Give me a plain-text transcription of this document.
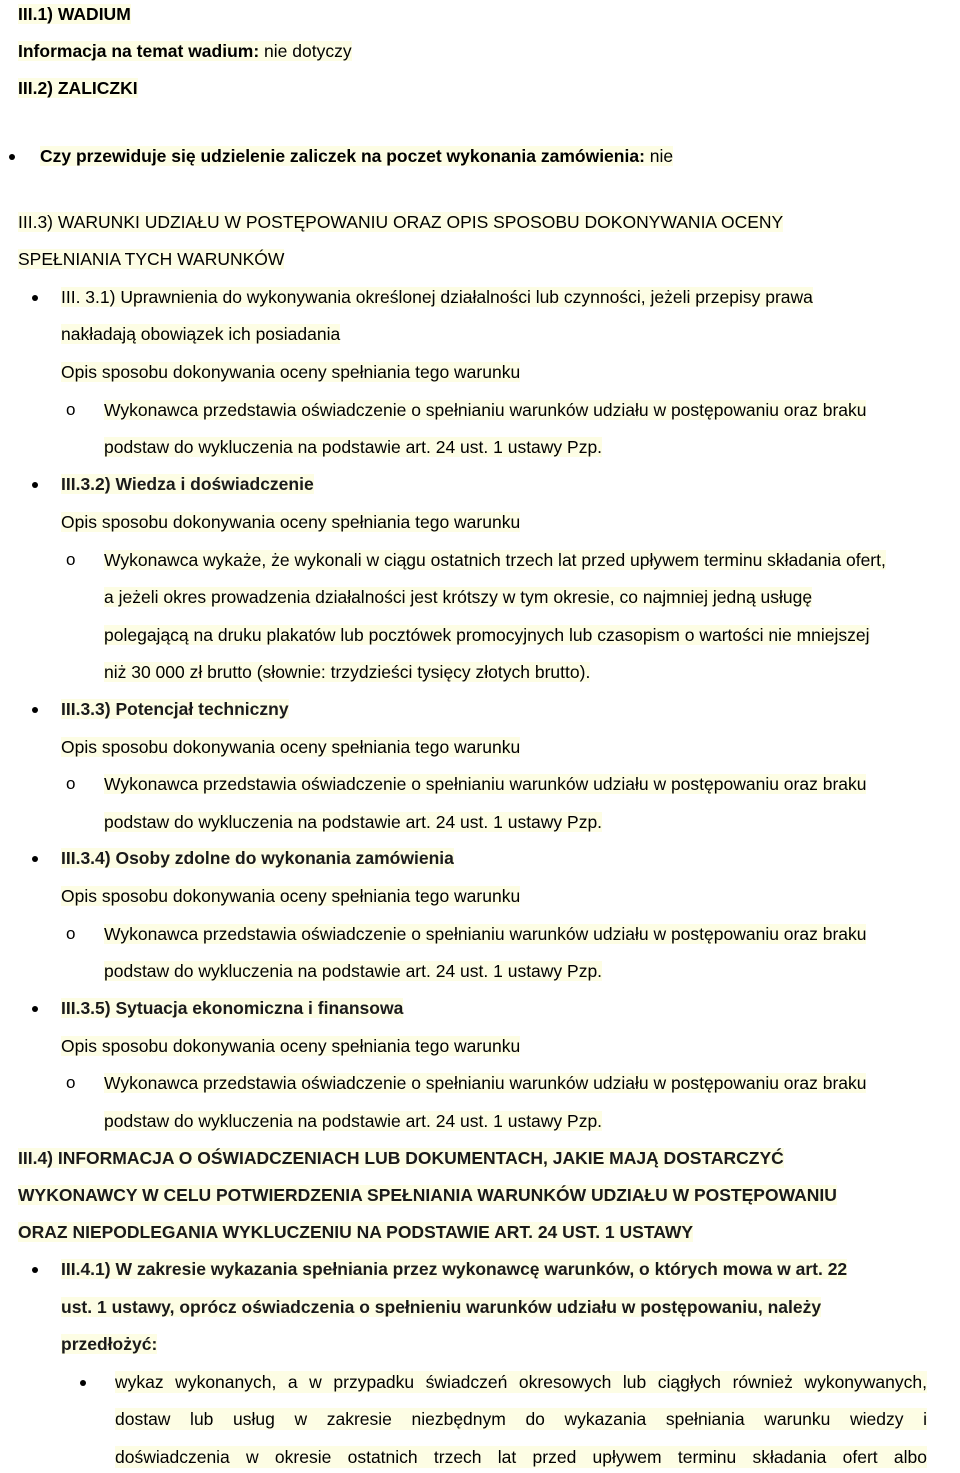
III.1) WADIUM
Informacja na temat wadium: nie dotyczy
III.2) ZALICZKI
Czy przewiduje się udzielenie zaliczek na poczet wykonania zamówienia: nie
III.3) WARUNKI UDZIAŁU W POSTĘPOWANIU ORAZ OPIS SPOSOBU DOKONYWANIA OCENY
SPEŁNIANIA TYCH WARUNKÓW
III. 3.1) Uprawnienia do wykonywania określonej działalności lub czynności, jeżeli przepisy prawa
nakładają obowiązek ich posiadania
Opis sposobu dokonywania oceny spełniania tego warunku
o Wykonawca przedstawia oświadczenie o spełnianiu warunków udziału w postępowaniu oraz braku
podstaw do wykluczenia na podstawie art. 24 ust. 1 ustawy Pzp.
III.3.2) Wiedza i doświadczenie
Opis sposobu dokonywania oceny spełniania tego warunku
o Wykonawca wykaże, że wykonali w ciągu ostatnich trzech lat przed upływem terminu składania ofert,
a jeżeli okres prowadzenia działalności jest krótszy w tym okresie, co najmniej jedną usługę
polegającą na druku plakatów lub pocztówek promocyjnych lub czasopism o wartości nie mniejszej
niż 30 000 zł brutto (słownie: trzydzieści tysięcy złotych brutto).
III.3.3) Potencjał techniczny
Opis sposobu dokonywania oceny spełniania tego warunku
o Wykonawca przedstawia oświadczenie o spełnianiu warunków udziału w postępowaniu oraz braku
podstaw do wykluczenia na podstawie art. 24 ust. 1 ustawy Pzp.
III.3.4) Osoby zdolne do wykonania zamówienia
Opis sposobu dokonywania oceny spełniania tego warunku
o Wykonawca przedstawia oświadczenie o spełnianiu warunków udziału w postępowaniu oraz braku
podstaw do wykluczenia na podstawie art. 24 ust. 1 ustawy Pzp.
III.3.5) Sytuacja ekonomiczna i finansowa
Opis sposobu dokonywania oceny spełniania tego warunku
o Wykonawca przedstawia oświadczenie o spełnianiu warunków udziału w postępowaniu oraz braku
podstaw do wykluczenia na podstawie art. 24 ust. 1 ustawy Pzp.
III.4) INFORMACJA O OŚWIADCZENIACH LUB DOKUMENTACH, JAKIE MAJĄ DOSTARCZYĆ
WYKONAWCY W CELU POTWIERDZENIA SPEŁNIANIA WARUNKÓW UDZIAŁU W POSTĘPOWANIU
ORAZ NIEPODLEGANIA WYKLUCZENIU NA PODSTAWIE ART. 24 UST. 1 USTAWY
III.4.1) W zakresie wykazania spełniania przez wykonawcę warunków, o których mowa w art. 22
ust. 1 ustawy, oprócz oświadczenia o spełnieniu warunków udziału w postępowaniu, należy
przedłożyć:
wykaz wykonanych, a w przypadku świadczeń okresowych lub ciągłych również wykonywanych,
dostaw lub usług w zakresie niezbędnym do wykazania spełniania warunku wiedzy i
doświadczenia w okresie ostatnich trzech lat przed upływem terminu składania ofert albo
